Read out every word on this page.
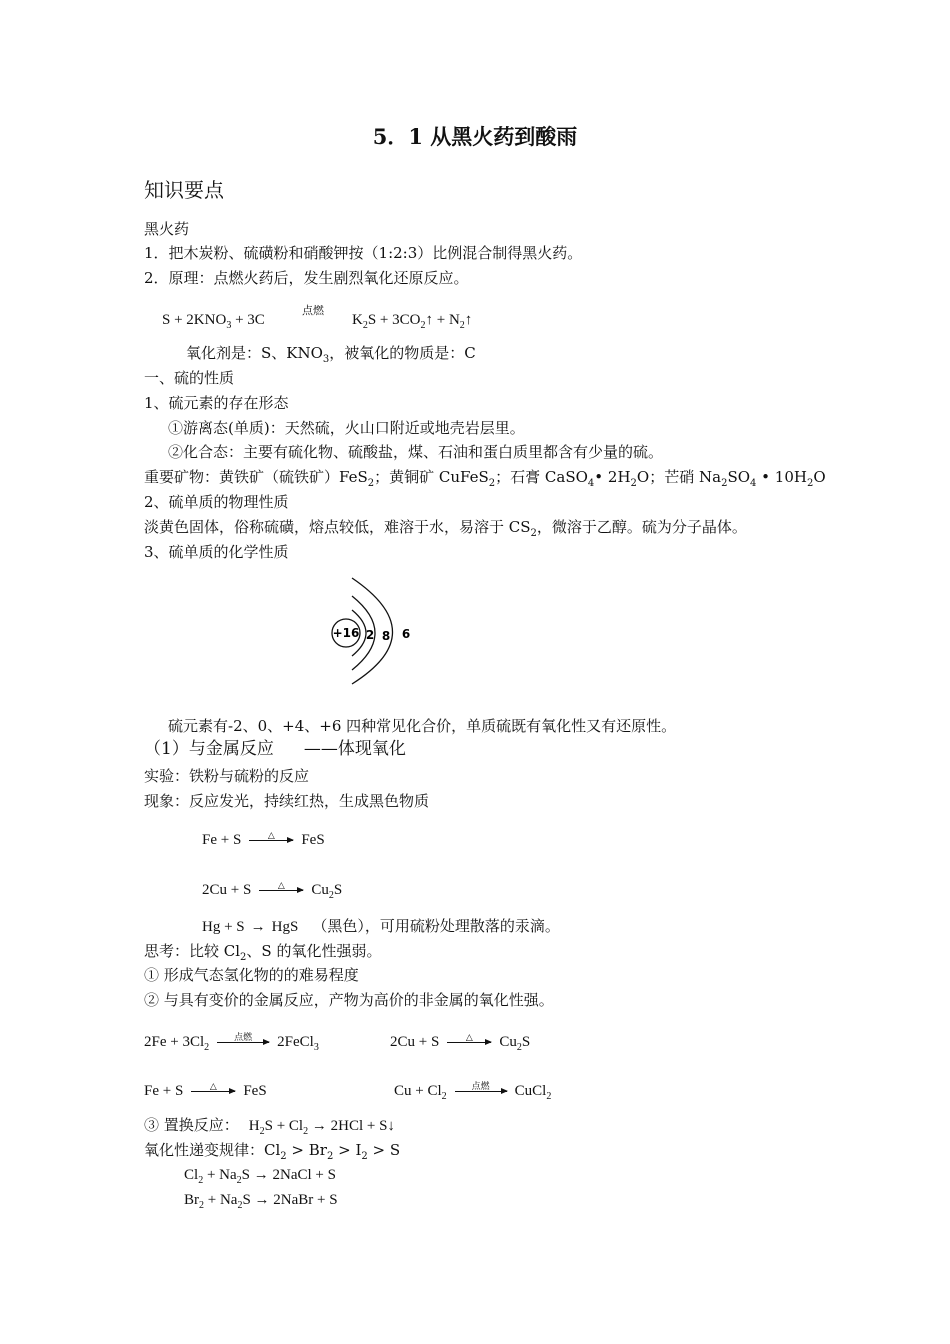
5．1 从黑火药到酸雨
知识要点
黑火药
1．把木炭粉、硫磺粉和硝酸钾按（1:2:3）比例混合制得黑火药。
2．原理：点燃火药后，发生剧烈氧化还原反应。
$S + 2KNO_3 + 3C$
点燃
$K_2S$ + $3CO_2↑$ + $N_2↑$
氧化剂是：S、$KNO_3$，被氧化的物质是：C
一、硫的性质
1、硫元素的存在形态
①游离态(单质)：天然硫，火山口附近或地壳岩层里。
②化合态：主要有硫化物、硫酸盐，煤、石油和蛋白质里都含有少量的硫。
重要矿物：黄铁矿（硫铁矿）FeS$_2$；黄铜矿 CuFeS$_2$；石膏 CaSO$_4$• $2H_2O$；芒硝 $Na_2SO_4$ • $10H_2O$
2、硫单质的物理性质
淡黄色固体，俗称硫磺，熔点较低，难溶于水，易溶于 $CS_2$，微溶于乙醇。硫为分子晶体。
3、硫单质的化学性质
+16 2 8 6
硫元素有-2、0、+4、+6 四种常见化合价，单质硫既有氧化性又有还原性。
（1）与金属反应 ——体现氧化
实验：铁粉与硫粉的反应
现象：反应发光，持续红热，生成黑色物质
Fe + S	△	FeS
2Cu + S	△	$Cu_2S$
Hg + S → HgS （黑色），可用硫粉处理散落的汞滴。
思考：比较 $Cl_2$、S 的氧化性强弱。
① 形成气态氢化物的的难易程度
② 与具有变价的金属反应，产物为高价的非金属的氧化性强。
$2Fe + 3Cl_2$
点燃	2FeCl$_3$	2Cu + S	△	$Cu_2S$
Fe + S	△	FeS	$Cu + Cl_2$
点燃	CuCl$_2$
③ 置换反应： $H_2S + Cl_2 \to 2HCl$ + S↓
氧化性递变规律：$Cl_2 > Br_2 > I_2 > S$
$Cl_2 + Na_2S$ → 2NaCl + S
$Br_2 + Na_2S$ → 2NaBr + S
